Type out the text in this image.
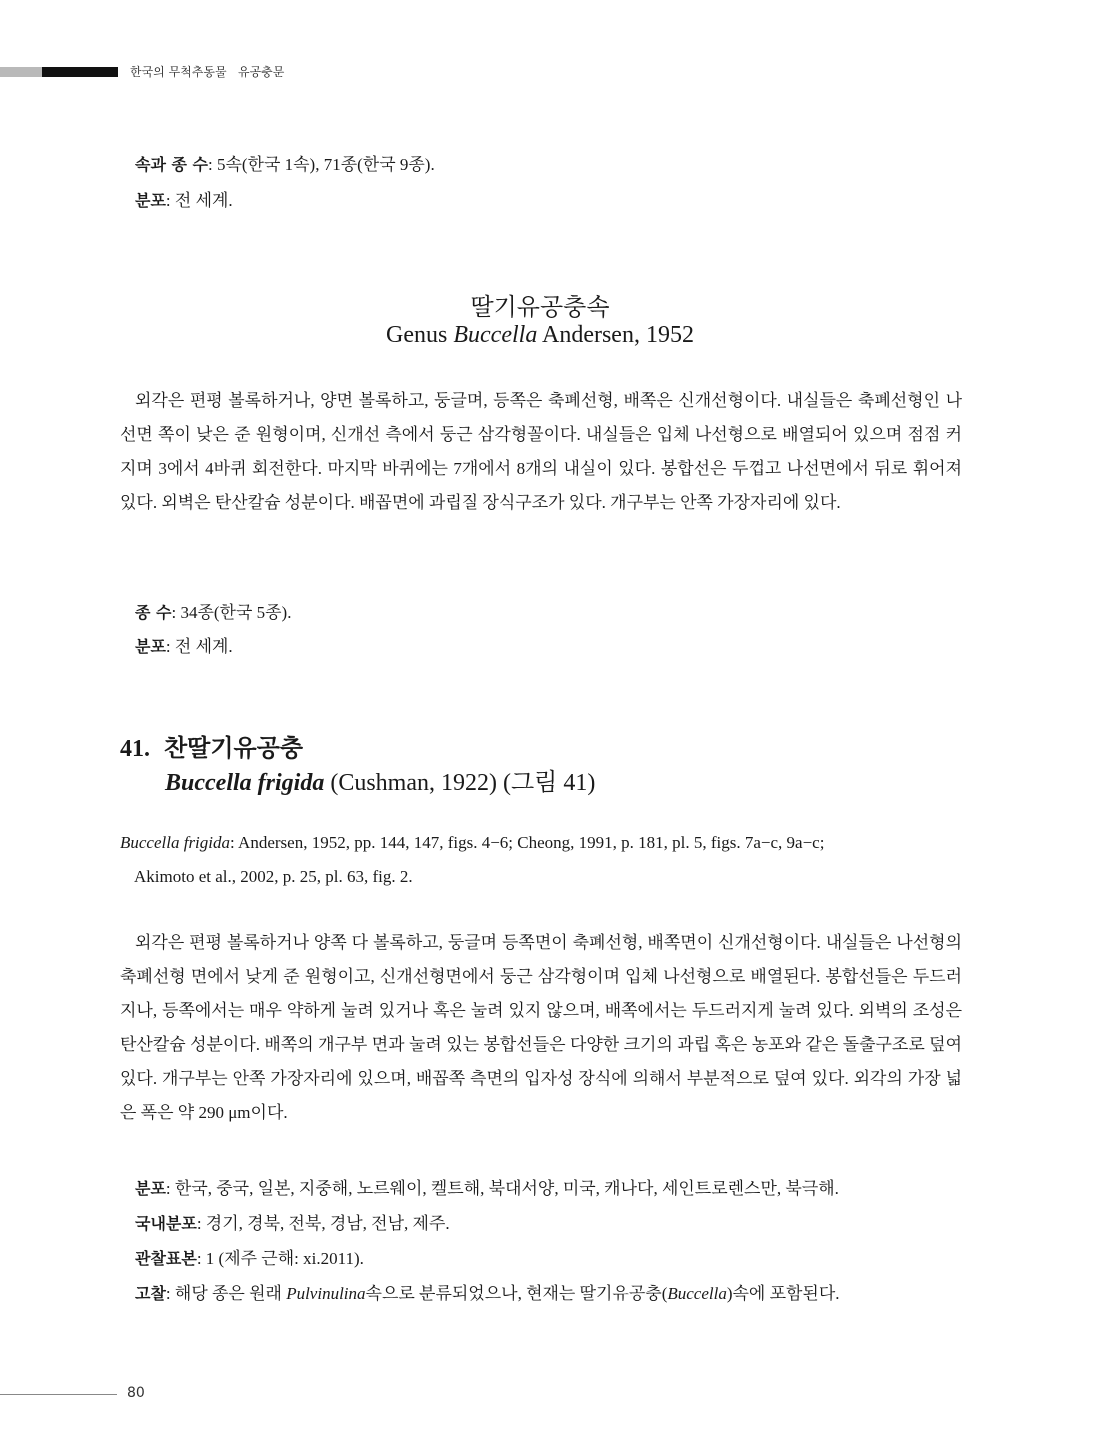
한국의 무척추동물   유공충문
속과 종 수: 5속(한국 1속), 71종(한국 9종).
분포: 전 세계.
딸기유공충속
Genus Buccella Andersen, 1952
외각은 편평 볼록하거나, 양면 볼록하고, 둥글며, 등쪽은 축폐선형, 배쪽은 신개선형이다. 내실들은 축폐선형인 나선면 쪽이 낮은 준 원형이며, 신개선 측에서 둥근 삼각형꼴이다. 내실들은 입체 나선형으로 배열되어 있으며 점점 커지며 3에서 4바퀴 회전한다. 마지막 바퀴에는 7개에서 8개의 내실이 있다. 봉합선은 두껍고 나선면에서 뒤로 휘어져 있다. 외벽은 탄산칼슘 성분이다. 배꼽면에 과립질 장식구조가 있다. 개구부는 안쪽 가장자리에 있다.
종 수: 34종(한국 5종).
분포: 전 세계.
41. 찬딸기유공충
Buccella frigida (Cushman, 1922) (그림 41)
Buccella frigida: Andersen, 1952, pp. 144, 147, figs. 4−6; Cheong, 1991, p. 181, pl. 5, figs. 7a−c, 9a−c;
Akimoto et al., 2002, p. 25, pl. 63, fig. 2.
외각은 편평 볼록하거나 양쪽 다 볼록하고, 둥글며 등쪽면이 축폐선형, 배쪽면이 신개선형이다. 내실들은 나선형의 축폐선형 면에서 낮게 준 원형이고, 신개선형면에서 둥근 삼각형이며 입체 나선형으로 배열된다. 봉합선들은 두드러지나, 등쪽에서는 매우 약하게 눌려 있거나 혹은 눌려 있지 않으며, 배쪽에서는 두드러지게 눌려 있다. 외벽의 조성은 탄산칼슘 성분이다. 배쪽의 개구부 면과 눌려 있는 봉합선들은 다양한 크기의 과립 혹은 농포와 같은 돌출구조로 덮여 있다. 개구부는 안쪽 가장자리에 있으며, 배꼽쪽 측면의 입자성 장식에 의해서 부분적으로 덮여 있다. 외각의 가장 넓은 폭은 약 290 μm이다.
분포: 한국, 중국, 일본, 지중해, 노르웨이, 켈트해, 북대서양, 미국, 캐나다, 세인트로렌스만, 북극해.
국내분포: 경기, 경북, 전북, 경남, 전남, 제주.
관찰표본: 1 (제주 근해: xi.2011).
고찰: 해당 종은 원래 Pulvinulina속으로 분류되었으나, 현재는 딸기유공충(Buccella)속에 포함된다.
80
